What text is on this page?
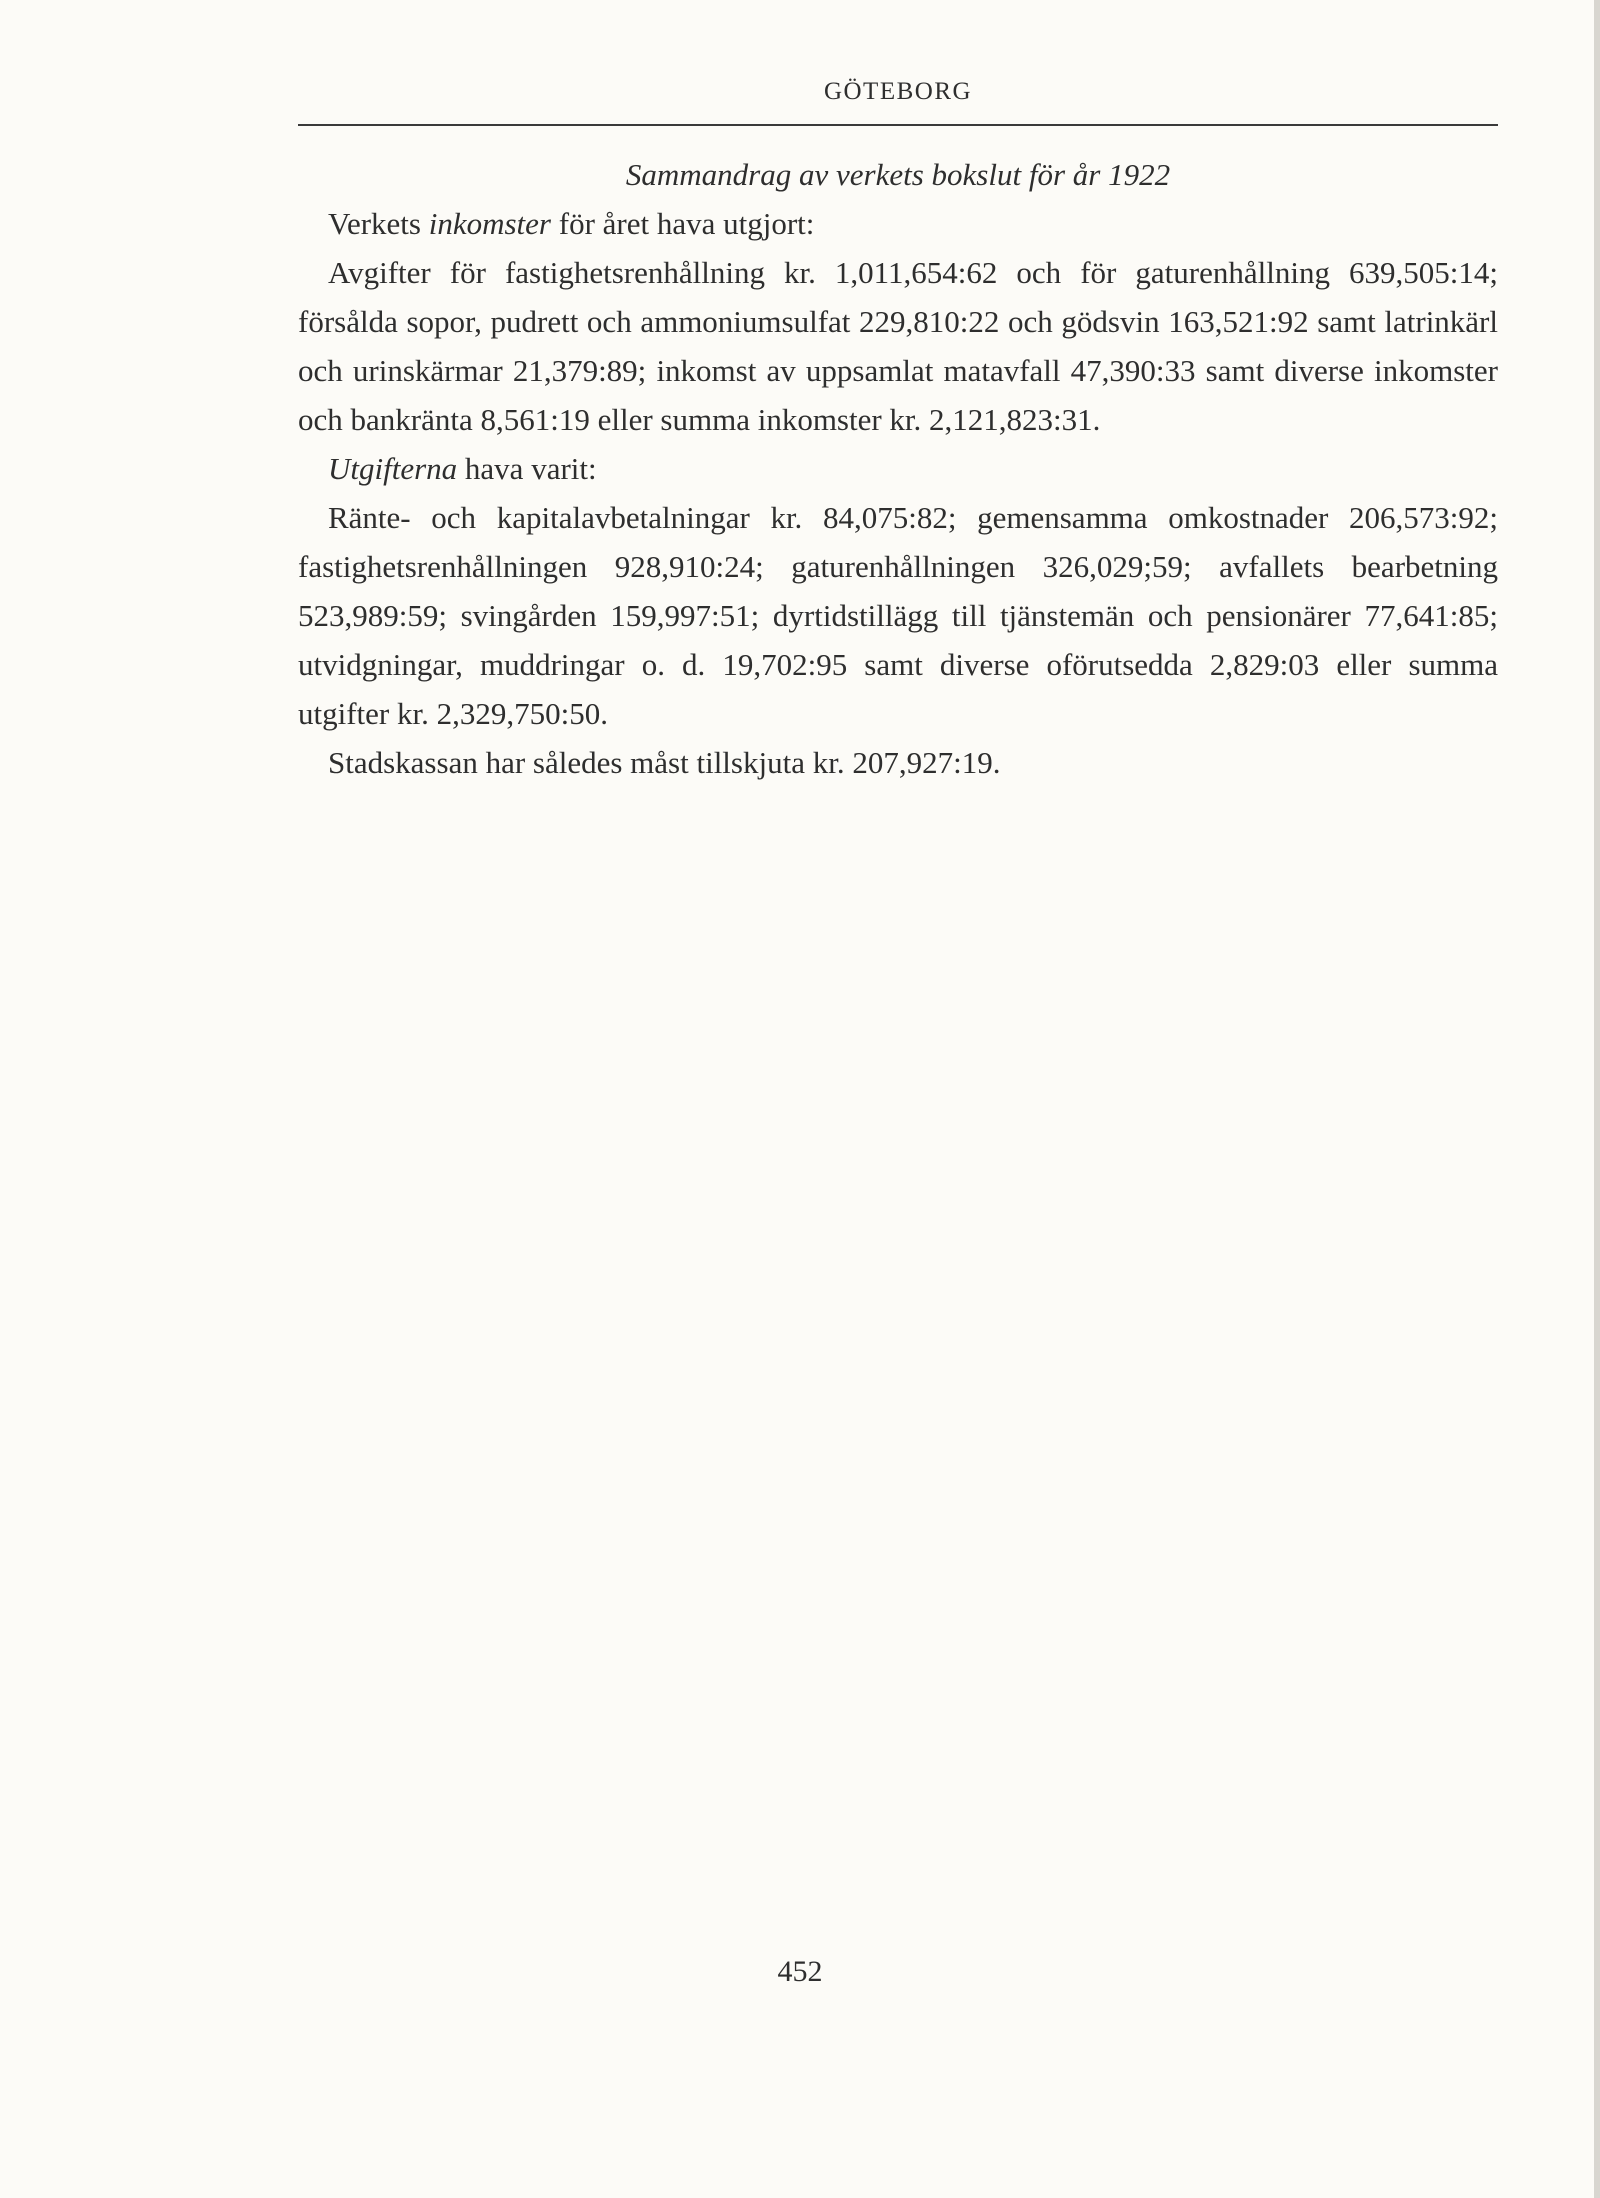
GÖTEBORG

Sammandrag av verkets bokslut för år 1922

Verkets inkomster för året hava utgjort:

Avgifter för fastighetsrenhållning kr. 1,011,654:62 och för gaturenhållning 639,505:14; försålda sopor, pudrett och ammoniumsulfat 229,810:22 och gödsvin 163,521:92 samt latrinkärl och urinskärmar 21,379:89; inkomst av uppsamlat matavfall 47,390:33 samt diverse inkomster och bankränta 8,561:19 eller summa inkomster kr. 2,121,823:31.

Utgifterna hava varit:

Ränte- och kapitalavbetalningar kr. 84,075:82; gemensamma omkostnader 206,573:92; fastighetsrenhållningen 928,910:24; gaturenhållningen 326,029;59; avfallets bearbetning 523,989:59; svingården 159,997:51; dyrtidstillägg till tjänstemän och pensionärer 77,641:85; utvidgningar, muddringar o. d. 19,702:95 samt diverse oförutsedda 2,829:03 eller summa utgifter kr. 2,329,750:50.

Stadskassan har således måst tillskjuta kr. 207,927:19.

452
